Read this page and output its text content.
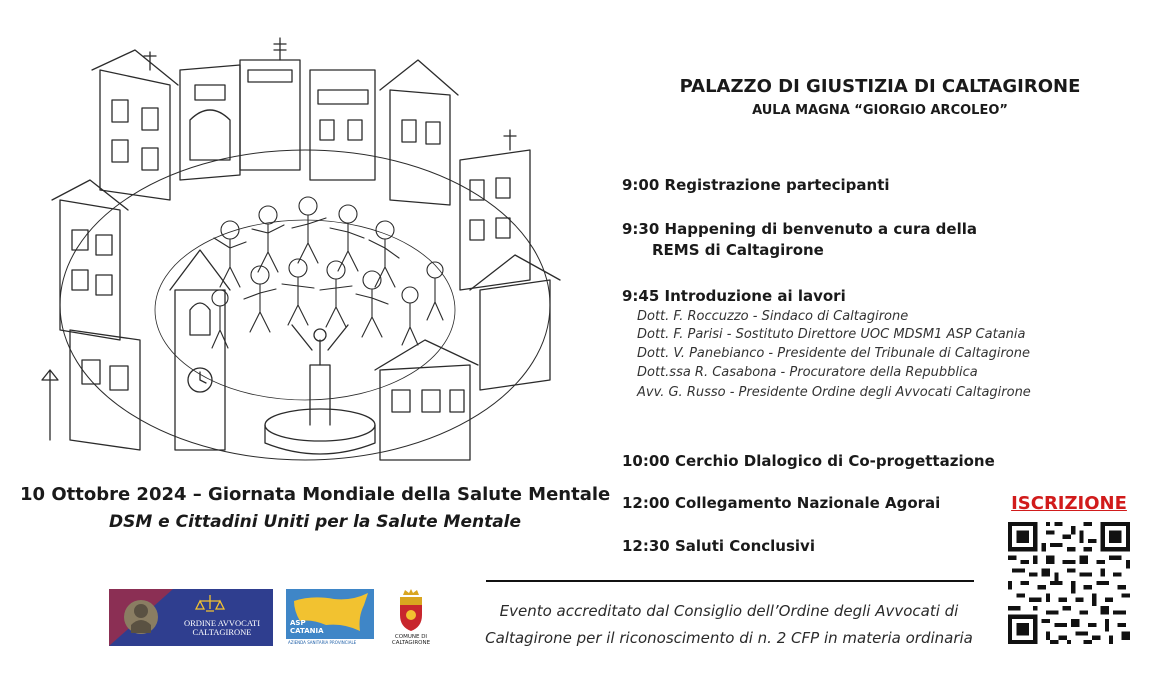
10 Ottobre 2024 – Giornata Mondiale della Salute Mentale
DSM e Cittadini Uniti per la Salute Mentale
PALAZZO DI GIUSTIZIA DI CALTAGIRONE
AULA MAGNA “GIORGIO ARCOLEO”
9:00 Registrazione partecipanti
9:30 Happening di benvenuto a cura della
REMS di Caltagirone
9:45 Introduzione ai lavori
Dott. F. Roccuzzo - Sindaco di Caltagirone
Dott. F. Parisi - Sostituto Direttore UOC MDSM1 ASP Catania
Dott. V. Panebianco - Presidente del Tribunale di Caltagirone
Dott.ssa R. Casabona - Procuratore della Repubblica
Avv. G. Russo - Presidente Ordine degli Avvocati Caltagirone
10:00 Cerchio Dlalogico di Co-progettazione
12:00 Collegamento Nazionale Agorai
12:30 Saluti Conclusivi
ISCRIZIONE
Evento accreditato dal Consiglio dell’Ordine degli Avvocati di
Caltagirone per il riconoscimento di n. 2 CFP in materia ordinaria
ORDINE AVVOCATI
CALTAGIRONE
ASP
CATANIA
AZIENDA SANITARIA PROVINCIALE
COMUNE DI
CALTAGIRONE
